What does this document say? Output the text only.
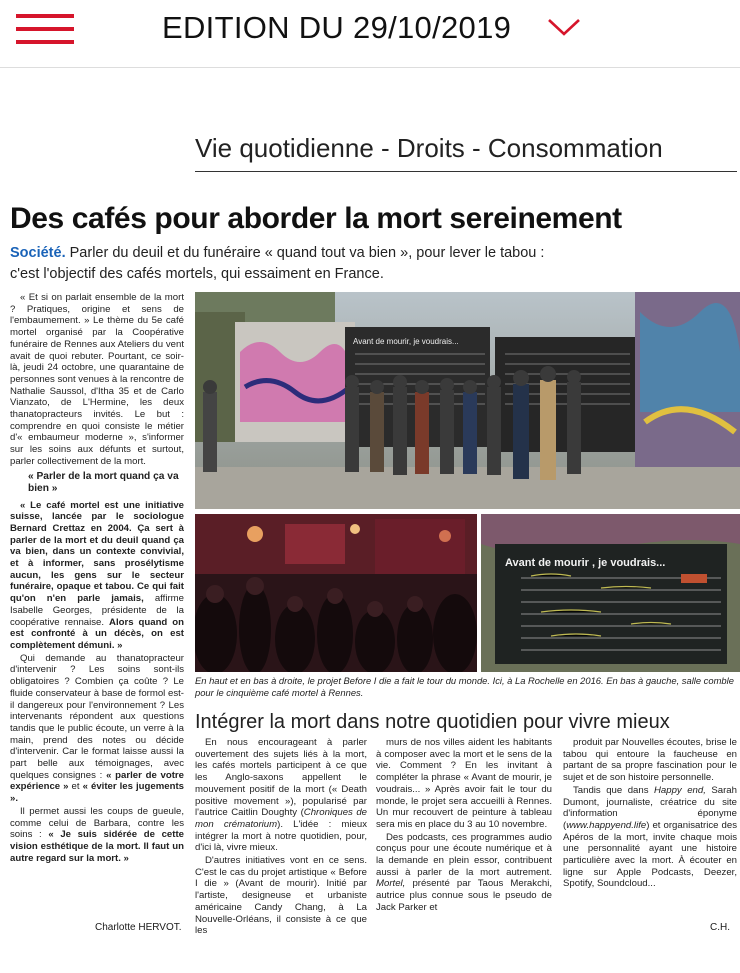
EDITION DU 29/10/2019
Vie quotidienne - Droits - Consommation
Des cafés pour aborder la mort sereinement
Société. Parler du deuil et du funéraire « quand tout va bien », pour lever le tabou :
c'est l'objectif des cafés mortels, qui essaiment en France.

« Et si on parlait ensemble de la mort ? Pratiques, origine et sens de l'embaumement. » Le thème du 5e café mortel organisé par la Coopérative funéraire de Rennes aux Ateliers du vent avait de quoi rebuter. Pourtant, ce soir-là, jeudi 24 octobre, une quarantaine de personnes sont venues à la rencontre de Nathalie Saussol, d'Itha 35 et de Carlo Vianzato, de L'Hermine, les deux thanatopracteurs invités. Le but : comprendre en quoi consiste le métier d'« embaumeur moderne », s'informer sur les soins aux défunts et surtout, parler collectivement de la mort.

« Parler de la mort quand ça va bien »

« Le café mortel est une initiative suisse, lancée par le sociologue Bernard Crettaz en 2004. Ça sert à parler de la mort et du deuil quand ça va bien, dans un contexte convivial, et à informer, sans prosélytisme aucun, les gens sur le secteur funéraire, opaque et tabou. Ce qui fait qu'on n'en parle jamais, affirme Isabelle Georges, présidente de la coopérative rennaise. Alors quand on est confronté à un décès, on est complètement démuni. »

Qui demande au thanatopracteur d'intervenir ? Les soins sont-ils obligatoires ? Combien ça coûte ? Le fluide conservateur à base de formol est-il dangereux pour l'environnement ? Les intervenants répondent aux questions tandis que le public écoute, un verre à la main, prend des notes ou décide d'intervenir. Car le format laisse aussi la part belle aux témoignages, avec quelques consignes : « parler de votre expérience » et « éviter les jugements ».

Il permet aussi les coups de gueule, comme celui de Barbara, contre les soins : « Je suis sidérée de cette vision esthétique de la mort. Il faut un autre regard sur la mort. »

Charlotte HERVOT.
Avant de mourir, je voudrais...
Avant de mourir , je voudrais...
En haut et en bas à droite, le projet Before I die a fait le tour du monde. Ici, à La Rochelle en 2016. En bas à gauche, salle comble pour le cinquième café mortel à Rennes.
Intégrer la mort dans notre quotidien pour vivre mieux

En nous encourageant à parler ouvertement des sujets liés à la mort, les cafés mortels participent à ce que les Anglo-saxons appellent le mouvement positif de la mort (« Death positive movement »), popularisé par l'autrice Caitlin Doughty (Chroniques de mon crématorium). L'idée : mieux intégrer la mort à notre quotidien, pour, d'ici là, vivre mieux.

D'autres initiatives vont en ce sens. C'est le cas du projet artistique « Before I die » (Avant de mourir). Initié par l'artiste, designeuse et urbaniste américaine Candy Chang, à La Nouvelle-Orléans, il consiste à ce que les

murs de nos villes aident les habitants à composer avec la mort et le sens de la vie. Comment ? En les invitant à compléter la phrase « Avant de mourir, je voudrais... » Après avoir fait le tour du monde, le projet sera accueilli à Rennes. Un mur recouvert de peinture à tableau sera mis en place du 3 au 10 novembre.

Des podcasts, ces programmes audio conçus pour une écoute numérique et à la demande en plein essor, contribuent aussi à parler de la mort autrement. Mortel, présenté par Taous Merakchi, autrice plus connue sous le pseudo de Jack Parker et

produit par Nouvelles écoutes, brise le tabou qui entoure la faucheuse en partant de sa propre fascination pour le sujet et de son histoire personnelle.

Tandis que dans Happy end, Sarah Dumont, journaliste, créatrice du site d'information éponyme (www.happyend.life) et organisatrice des Apéros de la mort, invite chaque mois une personnalité ayant une histoire particulière avec la mort. À écouter en ligne sur Apple Podcasts, Deezer, Spotify, Soundcloud...

C.H.
